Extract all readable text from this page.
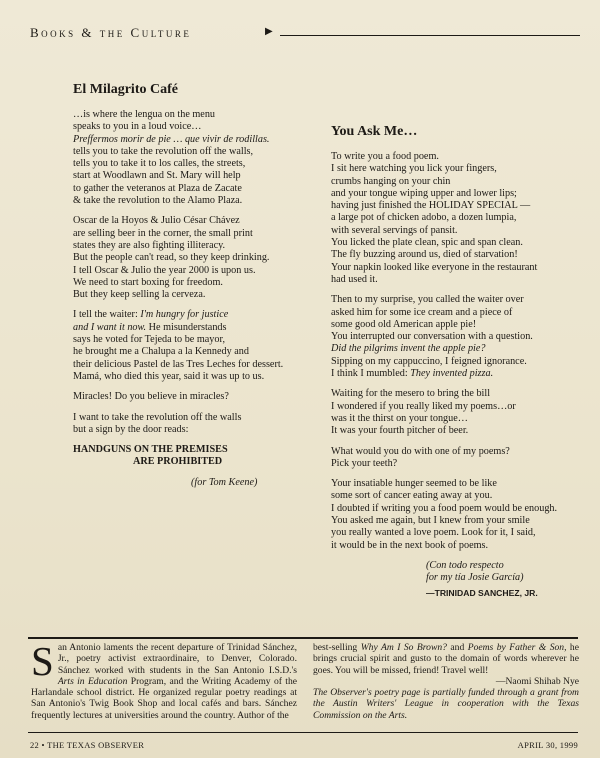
Books & the Culture	▶
El Milagrito Café
…is where the lengua on the menu
speaks to you in a loud voice…
Preffermos morir de pie … que vivir de rodillas.
tells you to take the revolution off the walls,
tells you to take it to los calles, the streets,
start at Woodlawn and St. Mary will help
to gather the veteranos at Plaza de Zacate
& take the revolution to the Alamo Plaza.
Oscar de la Hoyos & Julio César Chávez
are selling beer in the corner, the small print
states they are also fighting illiteracy.
But the people can't read, so they keep drinking.
I tell Oscar & Julio the year 2000 is upon us.
We need to start boxing for freedom.
But they keep selling la cerveza.
I tell the waiter: I'm hungry for justice
and I want it now. He misunderstands
says he voted for Tejeda to be mayor,
he brought me a Chalupa a la Kennedy and
their delicious Pastel de las Tres Leches for dessert.
Mamá, who died this year, said it was up to us.
Miracles! Do you believe in miracles?
I want to take the revolution off the walls
but a sign by the door reads:
HANDGUNS ON THE PREMISES
ARE PROHIBITED
(for Tom Keene)
You Ask Me…
To write you a food poem.
I sit here watching you lick your fingers,
crumbs hanging on your chin
and your tongue wiping upper and lower lips;
having just finished the HOLIDAY SPECIAL —
a large pot of chicken adobo, a dozen lumpia,
with several servings of pansit.
You licked the plate clean, spic and span clean.
The fly buzzing around us, died of starvation!
Your napkin looked like everyone in the restaurant
had used it.
Then to my surprise, you called the waiter over
asked him for some ice cream and a piece of
some good old American apple pie!
You interrupted our conversation with a question.
Did the pilgrims invent the apple pie?
Sipping on my cappuccino, I feigned ignorance.
I think I mumbled: They invented pizza.
Waiting for the mesero to bring the bill
I wondered if you really liked my poems…or
was it the thirst on your tongue…
It was your fourth pitcher of beer.
What would you do with one of my poems?
Pick your teeth?
Your insatiable hunger seemed to be like
some sort of cancer eating away at you.
I doubted if writing you a food poem would be enough.
You asked me again, but I knew from your smile
you really wanted a love poem. Look for it, I said,
it would be in the next book of poems.
(Con todo respecto
for my tía Josie García)
—TRINIDAD SANCHEZ, JR.

San Antonio laments the recent departure of Trinidad Sánchez, Jr., poetry activist extraordinaire, to Denver, Colorado. Sánchez worked with students in the San Antonio I.S.D.'s Arts in Education Program, and the Writing Academy of the Harlandale school district. He organized regular poetry readings at San Antonio's Twig Book Shop and local cafés and bars. Sánchez frequently lectures at universities around the country. Author of the

best-selling Why Am I So Brown? and Poems by Father & Son, he brings crucial spirit and gusto to the domain of words wherever he goes. You will be missed, friend! Travel well!

—Naomi Shihab Nye

The Observer's poetry page is partially funded through a grant from the Austin Writers' League in cooperation with the Texas Commission on the Arts.

22 • THE TEXAS OBSERVER	APRIL 30, 1999
